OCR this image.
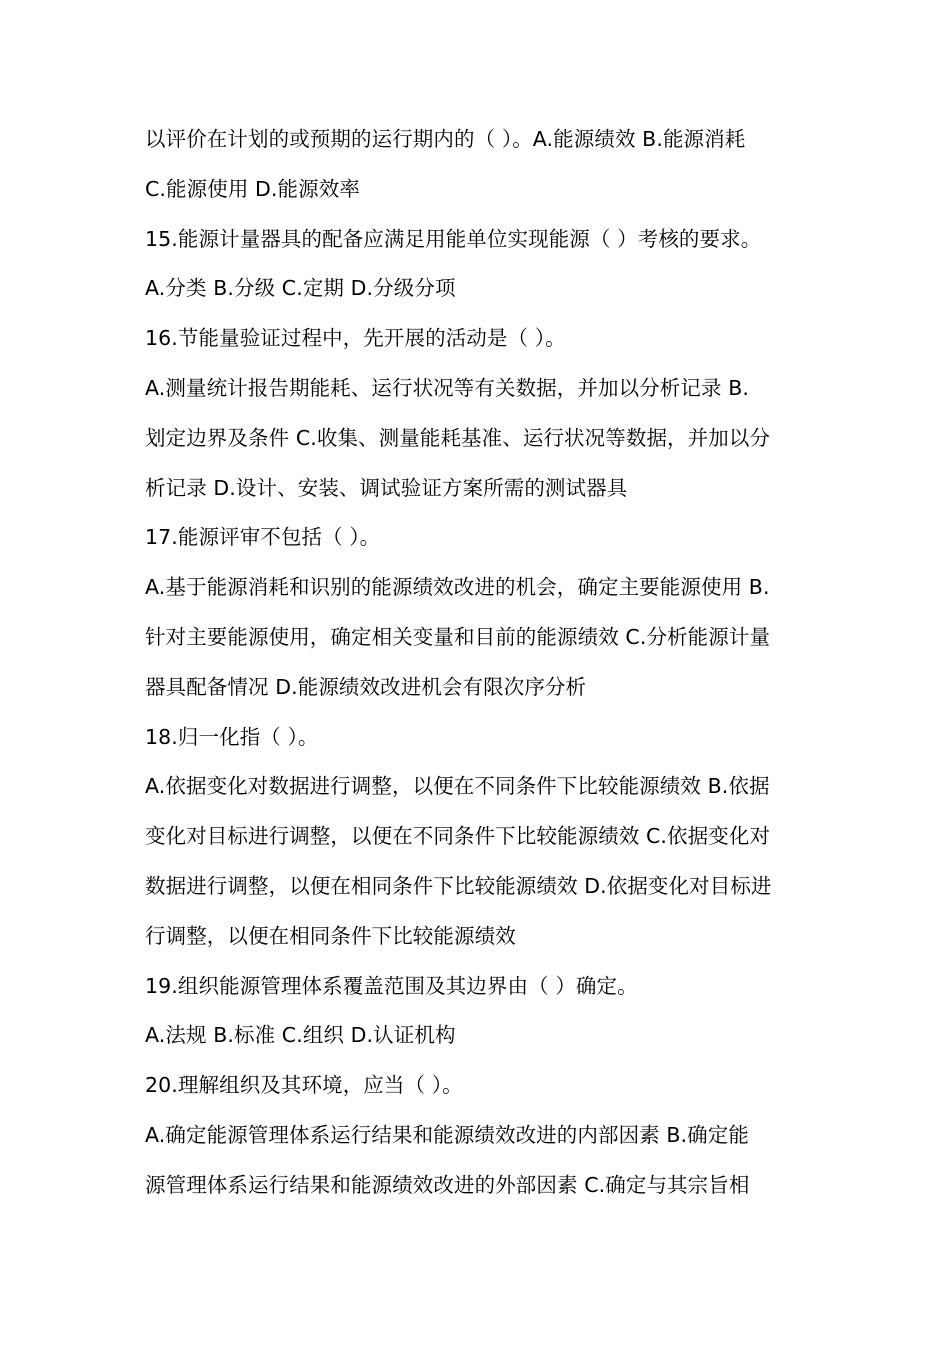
以评价在计划的或预期的运行期内的（ ）。A.能源绩效 B.能源消耗
C.能源使用 D.能源效率
15.能源计量器具的配备应满足用能单位实现能源（ ）考核的要求。
A.分类 B.分级 C.定期 D.分级分项
16.节能量验证过程中，先开展的活动是（ ）。
A.测量统计报告期能耗、运行状况等有关数据，并加以分析记录 B.
划定边界及条件 C.收集、测量能耗基准、运行状况等数据，并加以分
析记录 D.设计、安装、调试验证方案所需的测试器具
17.能源评审不包括（ ）。
A.基于能源消耗和识别的能源绩效改进的机会，确定主要能源使用 B.
针对主要能源使用，确定相关变量和目前的能源绩效 C.分析能源计量
器具配备情况 D.能源绩效改进机会有限次序分析
18.归一化指（ ）。
A.依据变化对数据进行调整，以便在不同条件下比较能源绩效 B.依据
变化对目标进行调整，以便在不同条件下比较能源绩效 C.依据变化对
数据进行调整，以便在相同条件下比较能源绩效 D.依据变化对目标进
行调整，以便在相同条件下比较能源绩效
19.组织能源管理体系覆盖范围及其边界由（ ）确定。
A.法规 B.标准 C.组织 D.认证机构
20.理解组织及其环境，应当（ ）。
A.确定能源管理体系运行结果和能源绩效改进的内部因素 B.确定能
源管理体系运行结果和能源绩效改进的外部因素 C.确定与其宗旨相
